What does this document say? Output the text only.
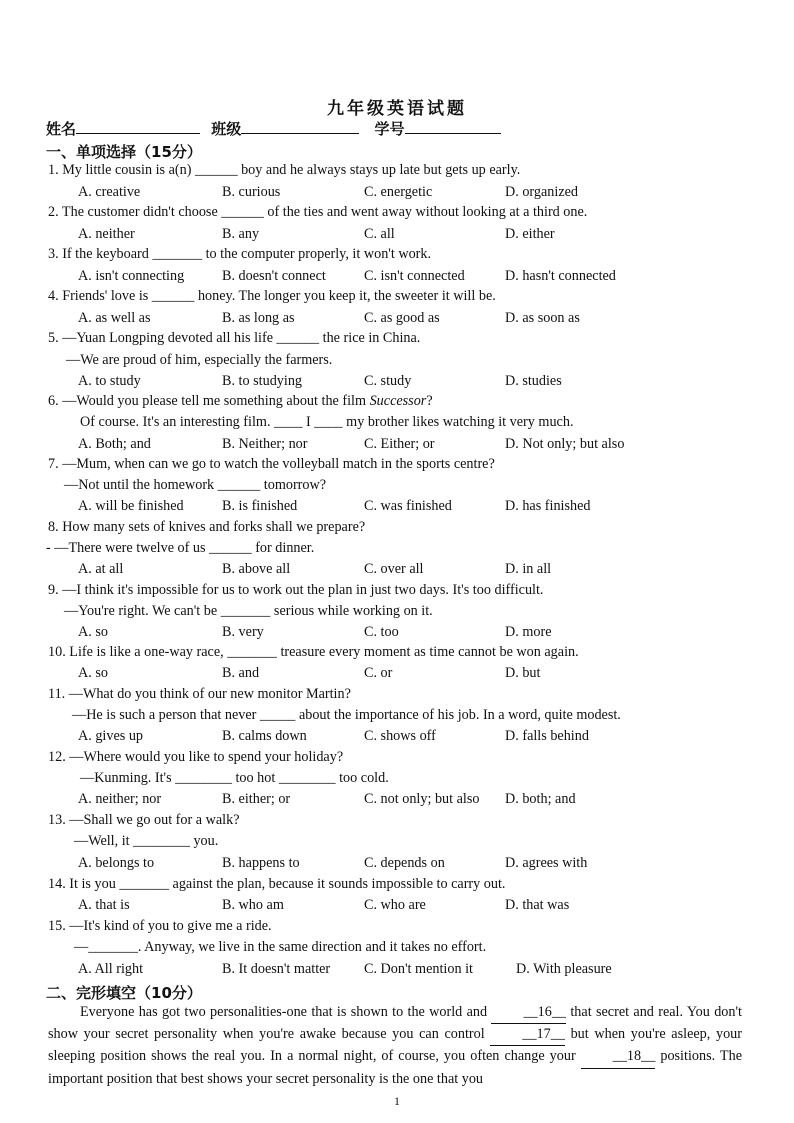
九年级英语试题
姓名	班级	学号
一、单项选择（15分）
1. My little cousin is a(n) ______ boy and he always stays up late but gets up early.
A. creative	B. curious	C. energetic	D. organized
2. The customer didn't choose ______ of the ties and went away without looking at a third one.
A. neither	B. any	C. all	D. either
3. If the keyboard _______ to the computer properly, it won't work.
A. isn't connecting	B. doesn't connect	C. isn't connected	D. hasn't connected
4. Friends' love is ______ honey. The longer you keep it, the sweeter it will be.
A. as well as	B. as long as	C. as good as	D. as soon as
5. —Yuan Longping devoted all his life ______ the rice in China.
—We are proud of him, especially the farmers.
A. to study	B. to studying	C. study	D. studies
6. —Would you please tell me something about the film Successor?
Of course. It's an interesting film. ____ I ____ my brother likes watching it very much.
A. Both; and	B. Neither; nor	C. Either; or	D. Not only; but also
7. —Mum, when can we go to watch the volleyball match in the sports centre?
—Not until the homework ______ tomorrow?
A. will be finished	B. is finished	C. was finished	D. has finished
8. How many sets of knives and forks shall we prepare?
- —There were twelve of us ______ for dinner.
A. at all	B. above all	C. over all	D. in all
9. —I think it's impossible for us to work out the plan in just two days. It's too difficult.
—You're right. We can't be _______ serious while working on it.
A. so	B. very	C. too	D. more
10. Life is like a one-way race, _______ treasure every moment as time cannot be won again.
A. so	B. and	C. or	D. but
11. —What do you think of our new monitor Martin?
—He is such a person that never _____ about the importance of his job. In a word, quite modest.
A. gives up	B. calms down	C. shows off	D. falls behind
12. —Where would you like to spend your holiday?
—Kunming. It's ________ too hot ________ too cold.
A. neither; nor	B. either; or	C. not only; but also D. both; and
13. —Shall we go out for a walk?
—Well, it ________ you.
A. belongs to	B. happens to	C. depends on	D. agrees with
14. It is you _______ against the plan, because it sounds impossible to carry out.
A. that is	B. who am	C. who are	D. that was
15. —It's kind of you to give me a ride.
—_______. Anyway, we live in the same direction and it takes no effort.
A. All right	B. It doesn't matter C. Don't mention it	D. With pleasure
二、完形填空（10分）
Everyone has got two personalities-one that is shown to the world and __16__ that secret and real. You don't show your secret personality when you're awake because you can control __17__ but when you're asleep, your sleeping position shows the real you. In a normal night, of course, you often change your __18__ positions. The important position that best shows your secret personality is the one that you
1
